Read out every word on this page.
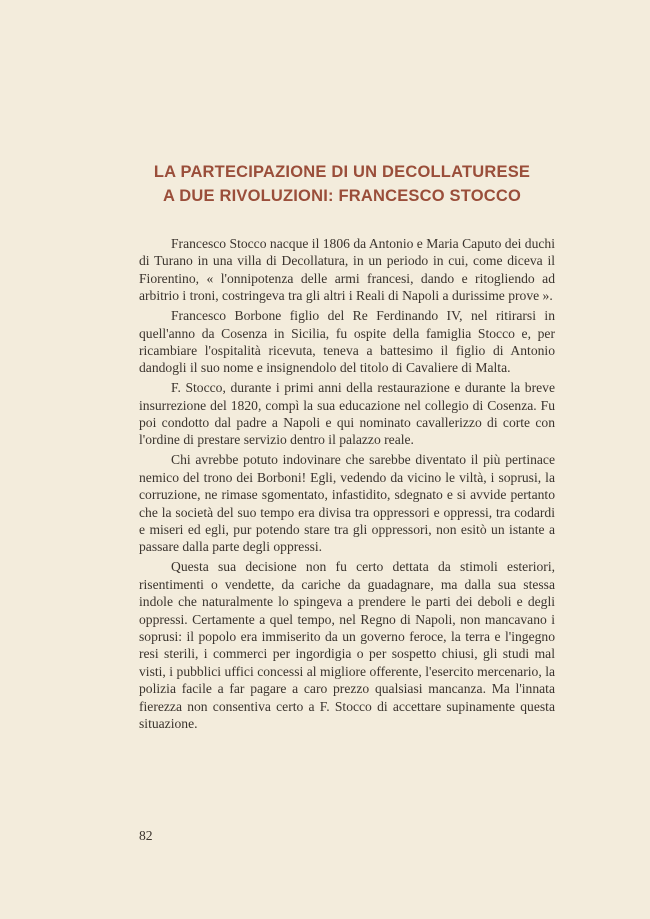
LA PARTECIPAZIONE DI UN DECOLLATURESE
A DUE RIVOLUZIONI: FRANCESCO STOCCO

Francesco Stocco nacque il 1806 da Antonio e Maria Caputo dei duchi di Turano in una villa di Decollatura, in un periodo in cui, come diceva il Fiorentino, « l'onnipotenza delle armi francesi, dando e ritogliendo ad arbitrio i troni, costringeva tra gli altri i Reali di Napoli a durissime prove ».

Francesco Borbone figlio del Re Ferdinando IV, nel ritirarsi in quell'anno da Cosenza in Sicilia, fu ospite della famiglia Stocco e, per ricambiare l'ospitalità ricevuta, teneva a battesimo il figlio di Antonio dandogli il suo nome e insignendolo del titolo di Cavaliere di Malta.

F. Stocco, durante i primi anni della restaurazione e durante la breve insurrezione del 1820, compì la sua educazione nel collegio di Cosenza. Fu poi condotto dal padre a Napoli e qui nominato cavallerizzo di corte con l'ordine di prestare servizio dentro il palazzo reale.

Chi avrebbe potuto indovinare che sarebbe diventato il più pertinace nemico del trono dei Borboni! Egli, vedendo da vicino le viltà, i soprusi, la corruzione, ne rimase sgomentato, infastidito, sdegnato e si avvide pertanto che la società del suo tempo era divisa tra oppressori e oppressi, tra codardi e miseri ed egli, pur potendo stare tra gli oppressori, non esitò un istante a passare dalla parte degli oppressi.

Questa sua decisione non fu certo dettata da stimoli esteriori, risentimenti o vendette, da cariche da guadagnare, ma dalla sua stessa indole che naturalmente lo spingeva a prendere le parti dei deboli e degli oppressi. Certamente a quel tempo, nel Regno di Napoli, non mancavano i soprusi: il popolo era immiserito da un governo feroce, la terra e l'ingegno resi sterili, i commerci per ingordigia o per sospetto chiusi, gli studi mal visti, i pubblici uffici concessi al migliore offerente, l'esercito mercenario, la polizia facile a far pagare a caro prezzo qualsiasi mancanza. Ma l'innata fierezza non consentiva certo a F. Stocco di accettare supinamente questa situazione.

82
